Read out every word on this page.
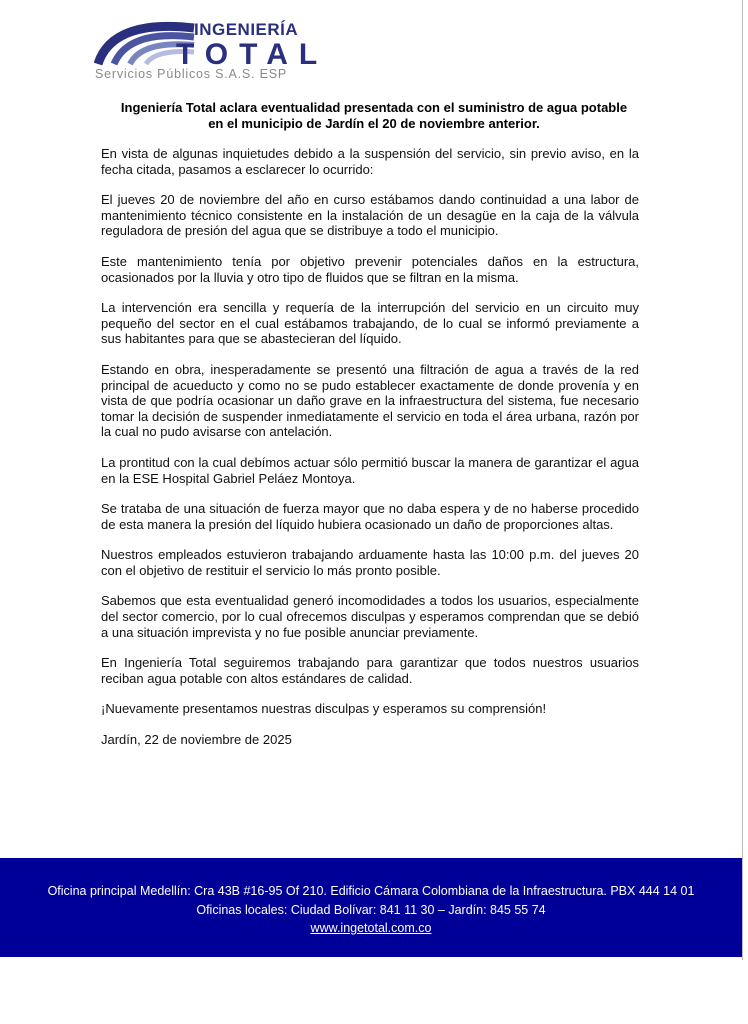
INGENIERÍA
TOTAL
Servicios Públicos S.A.S. ESP
Ingeniería Total aclara eventualidad presentada con el suministro de agua potable
en el municipio de Jardín el 20 de noviembre anterior.

En vista de algunas inquietudes debido a la suspensión del servicio, sin previo aviso, en la fecha citada, pasamos a esclarecer lo ocurrido:

El jueves 20 de noviembre del año en curso estábamos dando continuidad a una labor de mantenimiento técnico consistente en la instalación de un desagüe en la caja de la válvula reguladora de presión del agua que se distribuye a todo el municipio.

Este mantenimiento tenía por objetivo prevenir potenciales daños en la estructura, ocasionados por la lluvia y otro tipo de fluidos que se filtran en la misma.

La intervención era sencilla y requería de la interrupción del servicio en un circuito muy pequeño del sector en el cual estábamos trabajando, de lo cual se informó previamente a sus habitantes para que se abastecieran del líquido.

Estando en obra, inesperadamente se presentó una filtración de agua a través de la red principal de acueducto y como no se pudo establecer exactamente de donde provenía y en vista de que podría ocasionar un daño grave en la infraestructura del sistema, fue necesario tomar la decisión de suspender inmediatamente el servicio en toda el área urbana, razón por la cual no pudo avisarse con antelación.

La prontitud con la cual debímos actuar sólo permitió buscar la manera de garantizar el agua en la ESE Hospital Gabriel Peláez Montoya.

Se trataba de una situación de fuerza mayor que no daba espera y de no haberse procedido de esta manera la presión del líquido hubiera ocasionado un daño de proporciones altas.

Nuestros empleados estuvieron trabajando arduamente hasta las 10:00 p.m. del jueves 20 con el objetivo de restituir el servicio lo más pronto posible.

Sabemos que esta eventualidad generó incomodidades a todos los usuarios, especialmente del sector comercio, por lo cual ofrecemos disculpas y esperamos comprendan que se debió a una situación imprevista y no fue posible anunciar previamente.

En Ingeniería Total seguiremos trabajando para garantizar que todos nuestros usuarios reciban agua potable con altos estándares de calidad.

¡Nuevamente presentamos nuestras disculpas y esperamos su comprensión!

Jardín, 22 de noviembre de 2025

Oficina principal Medellín: Cra 43B #16-95 Of 210. Edificio Cámara Colombiana de la Infraestructura. PBX 444 14 01
Oficinas locales: Ciudad Bolívar: 841 11 30 – Jardín: 845 55 74
www.ingetotal.com.co
